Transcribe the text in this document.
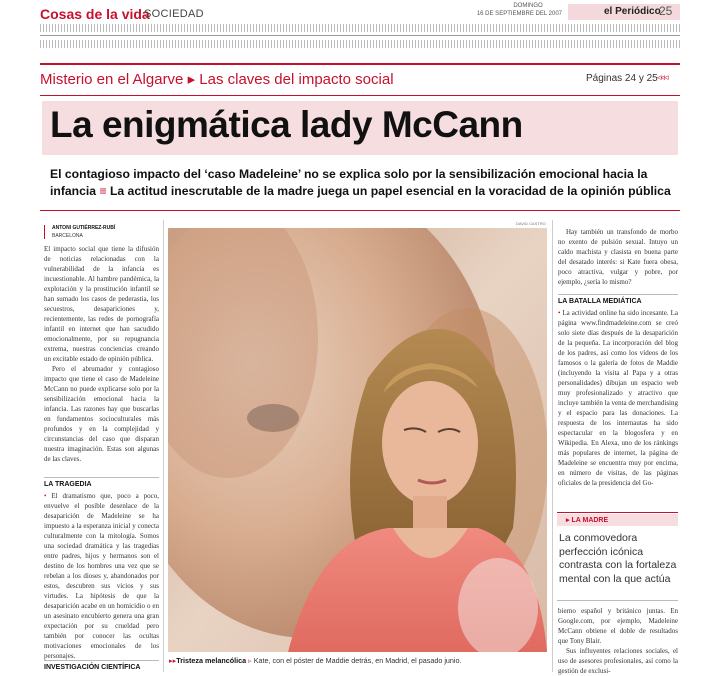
Cosas de la vida
SOCIEDAD
DOMINGO
16 DE SEPTIEMBRE DEL 2007	el Periódico
25
Misterio en el Algarve ▸ Las claves del impacto social	Páginas 24 y 25 ◃◃◃
La enigmática lady McCann
El contagioso impacto del ‘caso Madeleine’ no se explica solo por la sensibilización emocional hacia la infancia ≡ La actitud inescrutable de la madre juega un papel esencial en la voracidad de la opinión pública
ANTONI GUTIÉRREZ-RUBÍ
BARCELONA

El impacto social que tiene la difusión de noticias relacionadas con la vulnerabilidad de la infancia es incuestionable. Al hambre pandémica, la explotación y la prostitución infantil se han sumado los casos de pederastia, los secuestros, desapariciones y, recientemente, las redes de pornografía infantil en internet que han sacudido emocionalmente, por su repugnancia extrema, nuestras conciencias creando un excitable estado de opinión pública.

Pero el abrumador y contagioso impacto que tiene el caso de Madeleine McCann no puede explicarse solo por la sensibilización emocional hacia la infancia. Las razones hay que buscarlas en fundamentos socioculturales más profundos y en la complejidad y circunstancias del caso que disparan nuestra imaginación. Estas son algunas de las claves.

LA TRAGEDIA

• El dramatismo que, poco a poco, envuelve el posible desenlace de la desaparición de Madeleine se ha impuesto a la esperanza inicial y conecta culturalmente con la mitología. Somos una sociedad dramática y las tragedias entre padres, hijos y hermanos son el destino de los hombres una vez que se rebelan a los dioses y, abandonados por estos, descubren sus vicios y sus virtudes. La hipótesis de que la desaparición acabe en un homicidio o en un asesinato encubierto genera una gran expectación por su crueldad pero también por conocer las ocultas motivaciones emocionales de los personajes.

INVESTIGACIÓN CIENTÍFICA
DAVID CASTRO
▸▸Tristeza melancólica ▹ Kate, con el póster de Maddie detrás, en Madrid, el pasado junio.

Hay también un transfondo de morbo no exento de pulsión sexual. Intuyo un caldo machista y clasista en buena parte del desatado interés: si Kate fuera obesa, poco atractiva, vulgar y pobre, por ejemplo, ¿sería lo mismo?

LA BATALLA MEDIÁTICA

• La actividad online ha sido incesante. La página www.findmadeleine.com se creó solo siete días después de la desaparición de la pequeña. La incorporación del blog de los padres, así como los vídeos de los famosos o la galería de fotos de Maddie (incluyendo la visita al Papa y a otras personalidades) dibujan un espacio web muy profesionalizado y atractivo que incluye también la venta de merchandising y el espacio para las donaciones. La respuesta de los internautas ha sido espectacular en la blogosfera y en Wikipedia. En Alexa, uno de los ránkings más populares de internet, la página de Madeleine se encuentra muy por encima, en número de visitas, de las páginas oficiales de la presidencia del Go-

▸ LA MADRE
La conmovedora perfección icónica contrasta con la fortaleza mental con la que actúa

bierno español y británico juntas. En Google.com, por ejemplo, Madeleine McCann obtiene el doble de resultados que Tony Blair.

Sus influyentes relaciones sociales, el uso de asesores profesionales, así como la gestión de exclusi-
